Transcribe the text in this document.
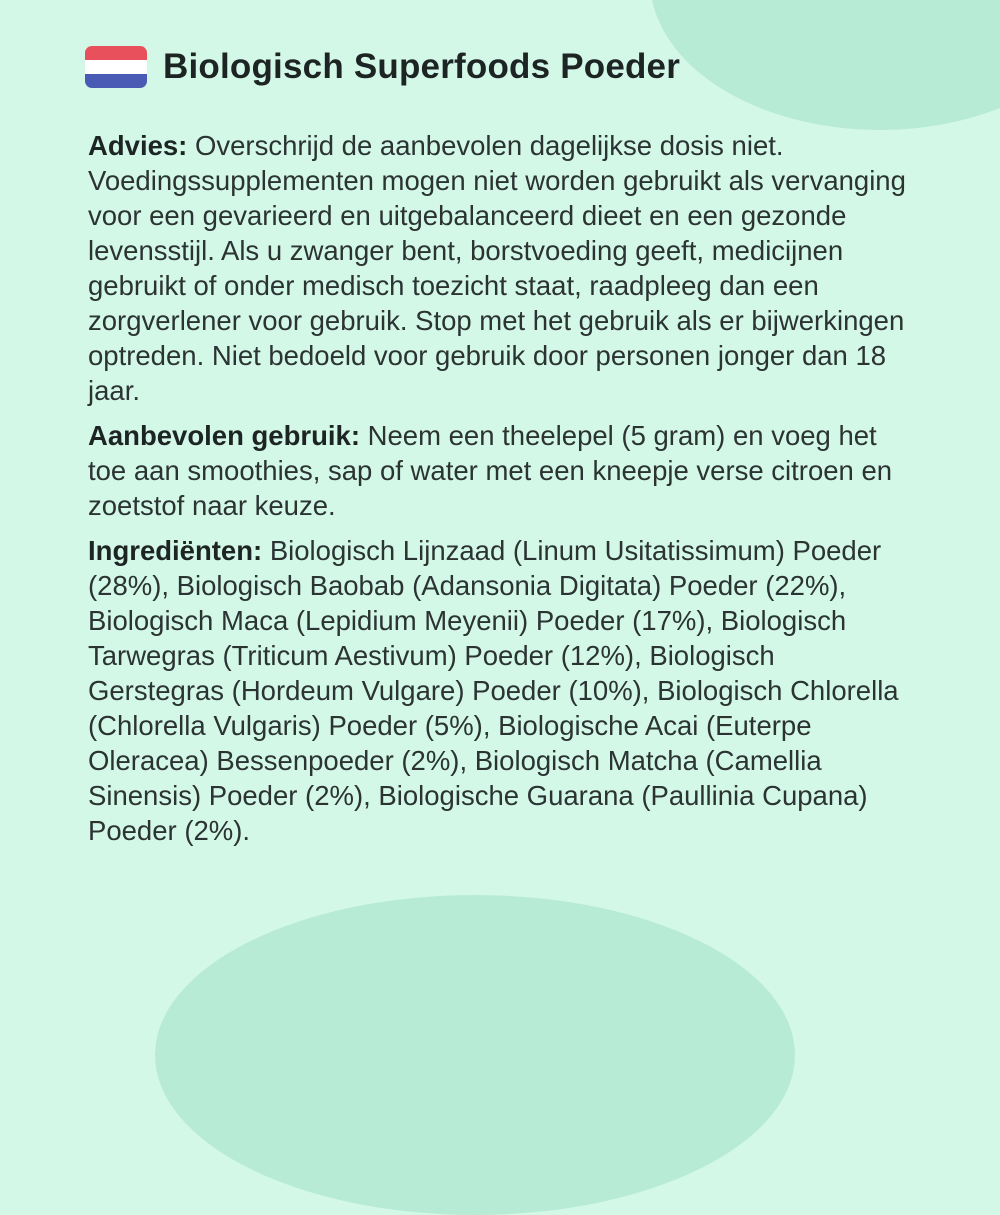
Biologisch Superfoods Poeder

Advies: Overschrijd de aanbevolen dagelijkse dosis niet. Voedingssupplementen mogen niet worden gebruikt als vervanging voor een gevarieerd en uitgebalanceerd dieet en een gezonde levensstijl. Als u zwanger bent, borstvoeding geeft, medicijnen gebruikt of onder medisch toezicht staat, raadpleeg dan een zorgverlener voor gebruik. Stop met het gebruik als er bijwerkingen optreden. Niet bedoeld voor gebruik door personen jonger dan 18 jaar.

Aanbevolen gebruik: Neem een theelepel (5 gram) en voeg het toe aan smoothies, sap of water met een kneepje verse citroen en zoetstof naar keuze.

Ingrediënten: Biologisch Lijnzaad (Linum Usitatissimum) Poeder (28%), Biologisch Baobab (Adansonia Digitata) Poeder (22%), Biologisch Maca (Lepidium Meyenii) Poeder (17%), Biologisch Tarwegras (Triticum Aestivum) Poeder (12%), Biologisch Gerstegras (Hordeum Vulgare) Poeder (10%), Biologisch Chlorella (Chlorella Vulgaris) Poeder (5%), Biologische Acai (Euterpe Oleracea) Bessenpoeder (2%), Biologisch Matcha (Camellia Sinensis) Poeder (2%), Biologische Guarana (Paullinia Cupana) Poeder (2%).
